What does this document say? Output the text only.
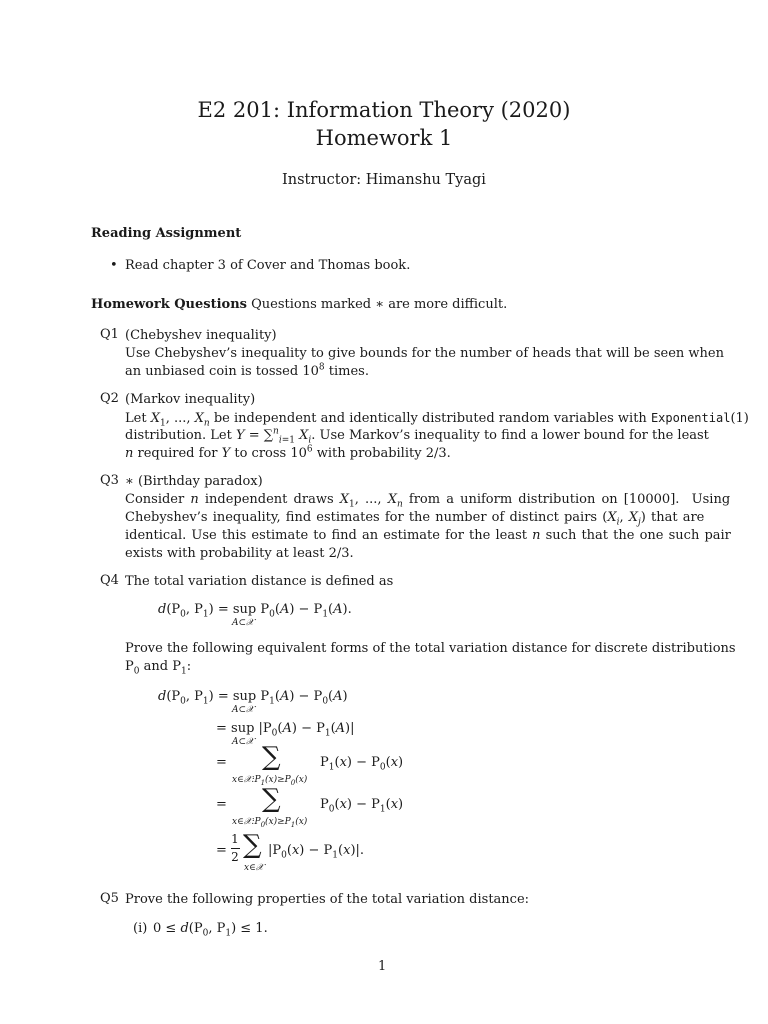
E2 201: Information Theory (2020)
Homework 1
Instructor: Himanshu Tyagi
Reading Assignment
• Read chapter 3 of Cover and Thomas book.
Homework Questions Questions marked ∗ are more difficult.
Q1 (Chebyshev inequality)
Use Chebyshev’s inequality to give bounds for the number of heads that will be seen when
an unbiased coin is tossed $10^8$ times.
Q2 (Markov inequality)
Let $X_1$, ..., $X_n$ be independent and identically distributed random variables with Exponential(1)
distribution. Let Y = ∑$^n_{i=1}$ $X_i$. Use Markov’s inequality to find a lower bound for the least
n required for Y to cross $10^6$ with probability 2/3.
Q3 ∗ (Birthday paradox)
Consider n independent draws $X_1$, ..., $X_n$ from a uniform distribution on [10000].  Using
Chebyshev’s inequality, find estimates for the number of distinct pairs ($X_i$, $X_j$) that are
identical. Use this estimate to find an estimate for the least n such that the one such pair
exists with probability at least 2/3.
Q4 The total variation distance is defined as
$d(P_0$, $P_1$) = sup $P_0(A) - P_1(A)$.
A⊂𝒳
Prove the following equivalent forms of the total variation distance for discrete distributions
$P_0$ and $P_1$:
$d(P_0$, $P_1$) = sup $P_1(A) - P_0(A)$
A⊂𝒳
= sup $|P_0(A) - P_1(A)|$
A⊂𝒳
= ∑	$P_1(x) - P_0(x)$
$x\in 𝒳:P_1(x)\ge P_0(x)$
= ∑	$P_0(x) - P_1(x)$
$x\in 𝒳:P_0(x)\ge P_1(x)$
=
1
2 ∑ $|P_0(x) - P_1(x)|$.
x∈𝒳
Q5 Prove the following properties of the total variation distance:
(i) $0 \le d(P_0$, $P_1) \le 1$.
1
